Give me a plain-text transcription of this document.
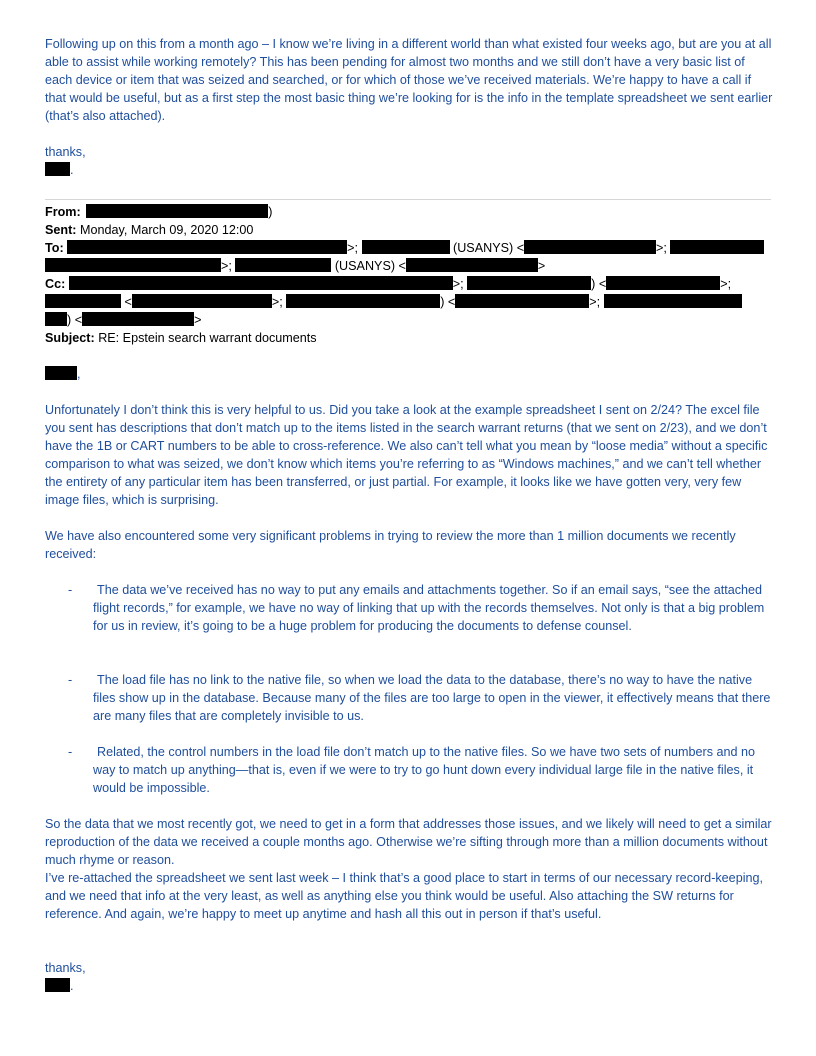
Following up on this from a month ago – I know we’re living in a different world than what existed four weeks ago, but are you at all able to assist while working remotely? This has been pending for almost two months and we still don’t have a very basic list of each device or item that was seized and searched, or for which of those we’ve received materials. We’re happy to have a call if that would be useful, but as a first step the most basic thing we’re looking for is the info in the template spreadsheet we sent earlier (that’s also attached).

thanks,
.
From:	)
Sent: Monday, March 09, 2020 12:00
To:	>;	(USANYS) <	>;
>;	(USANYS) <	>
Cc:	>;	) <	>;
<	>;	) <	>;
) <	>
Subject: RE: Epstein search warrant documents
,

Unfortunately I don’t think this is very helpful to us. Did you take a look at the example spreadsheet I sent on 2/24? The excel file you sent has descriptions that don’t match up to the items listed in the search warrant returns (that we sent on 2/23), and we don’t have the 1B or CART numbers to be able to cross-reference. We also can’t tell what you mean by “loose media” without a specific comparison to what was seized, we don’t know which items you’re referring to as “Windows machines,” and we can’t tell whether the entirety of any particular item has been transferred, or just partial. For example, it looks like we have gotten very, very few image files, which is surprising.

We have also encountered some very significant problems in trying to review the more than 1 million documents we recently received:

-	The data we’ve received has no way to put any emails and attachments together. So if an email says, “see the attached flight records,” for example, we have no way of linking that up with the records themselves. Not only is that a big problem for us in review, it’s going to be a huge problem for producing the documents to defense counsel.

-	The load file has no link to the native file, so when we load the data to the database, there’s no way to have the native files show up in the database. Because many of the files are too large to open in the viewer, it effectively means that there are many files that are completely invisible to us.

-	Related, the control numbers in the load file don’t match up to the native files. So we have two sets of numbers and no way to match up anything—that is, even if we were to try to go hunt down every individual large file in the native files, it would be impossible.

So the data that we most recently got, we need to get in a form that addresses those issues, and we likely will need to get a similar reproduction of the data we received a couple months ago. Otherwise we’re sifting through more than a million documents without much rhyme or reason.

I’ve re-attached the spreadsheet we sent last week – I think that’s a good place to start in terms of our necessary record-keeping, and we need that info at the very least, as well as anything else you think would be useful. Also attaching the SW returns for reference. And again, we’re happy to meet up anytime and hash all this out in person if that’s useful.

thanks,
.
